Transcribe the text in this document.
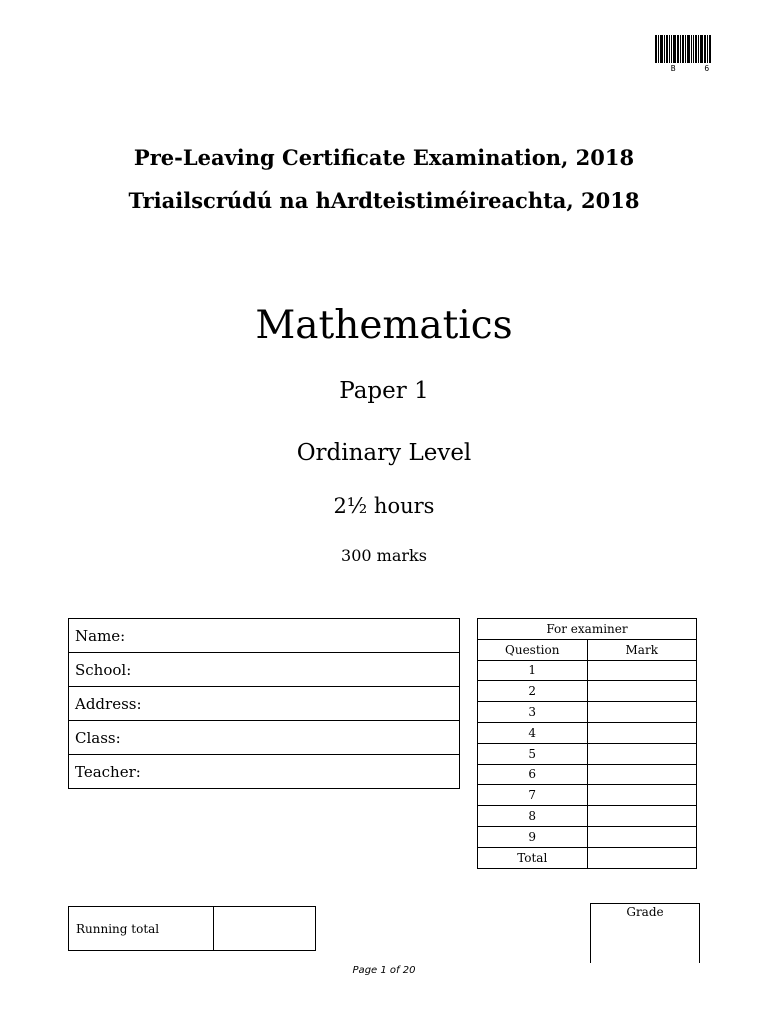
B 6
Pre-Leaving Certificate Examination, 2018
Triailscrúdú na hArdteistiméireachta, 2018
Mathematics
Paper 1
Ordinary Level
2½ hours
300 marks
Name:
School:
Address:
Class:
Teacher:
For examiner	
Question	Mark
1	
2	
3	
4	
5	
6	
7	
8	
9	
Total	
Running total	
Grade
Page 1 of 20
